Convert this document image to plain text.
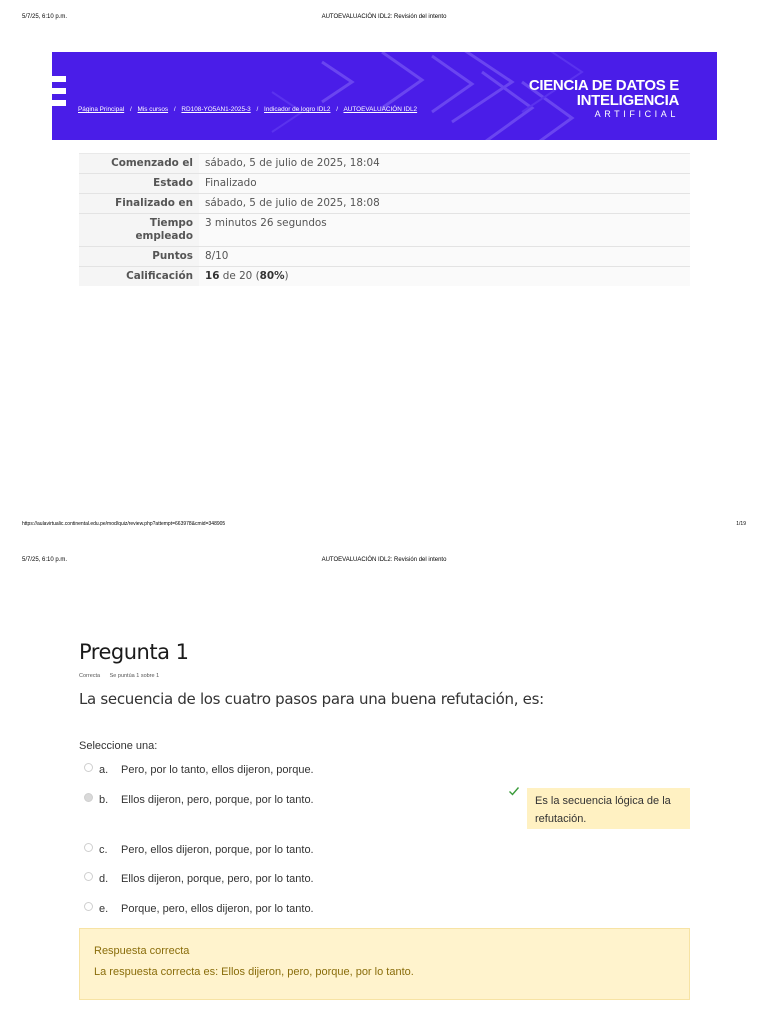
5/7/25, 6:10 p.m.	AUTOEVALUACIÓN IDL2: Revisión del intento
Página Principal / Mis cursos / RD108-YO5AN1-2025-3 / Indicador de logro IDL2 / AUTOEVALUACIÓN IDL2
CIENCIA DE DATOS E
INTELIGENCIA
ARTIFICIAL
Comenzado el	sábado, 5 de julio de 2025, 18:04
Estado	Finalizado
Finalizado en	sábado, 5 de julio de 2025, 18:08
Tiempo empleado	3 minutos 26 segundos
Puntos	8/10
Calificación	16 de 20 (80%)
https://aulavirtualic.continental.edu.pe/mod/quiz/review.php?attempt=663978&cmid=348905	1/19
5/7/25, 6:10 p.m.	AUTOEVALUACIÓN IDL2: Revisión del intento
Pregunta 1
Correcta Se puntúa 1 sobre 1
La secuencia de los cuatro pasos para una buena refutación, es:
Seleccione una:
a.	Pero, por lo tanto, ellos dijeron, porque.
b.	Ellos dijeron, pero, porque, por lo tanto.	Es la secuencia lógica de la refutación.
c.	Pero, ellos dijeron, porque, por lo tanto.
d.	Ellos dijeron, porque, pero, por lo tanto.
e.	Porque, pero, ellos dijeron, por lo tanto.
Respuesta correcta
La respuesta correcta es: Ellos dijeron, pero, porque, por lo tanto.
